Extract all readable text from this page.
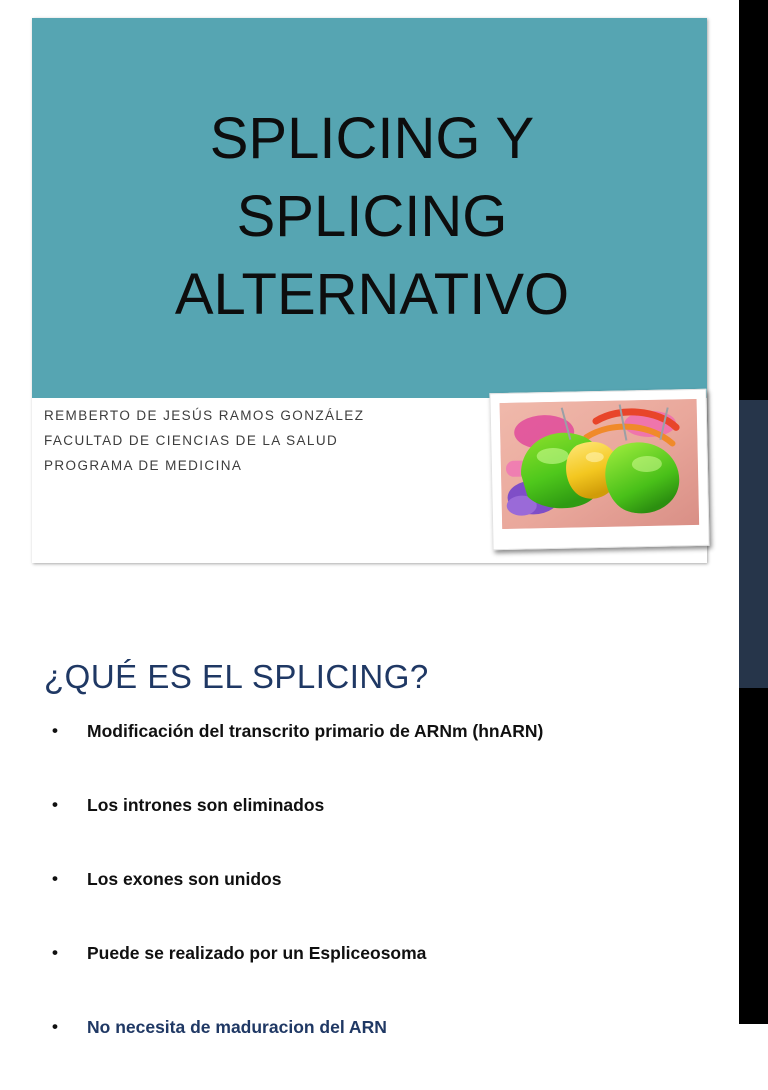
SPLICING Y
SPLICING
ALTERNATIVO
REMBERTO DE JESÚS RAMOS GONZÁLEZ
FACULTAD DE CIENCIAS DE LA SALUD
PROGRAMA DE MEDICINA
¿QUÉ ES EL SPLICING?
• Modificación del transcrito primario de ARNm (hnARN)
• Los intrones son eliminados
• Los exones son unidos
• Puede se realizado por un Espliceosoma
• No necesita de maduracion del ARN
